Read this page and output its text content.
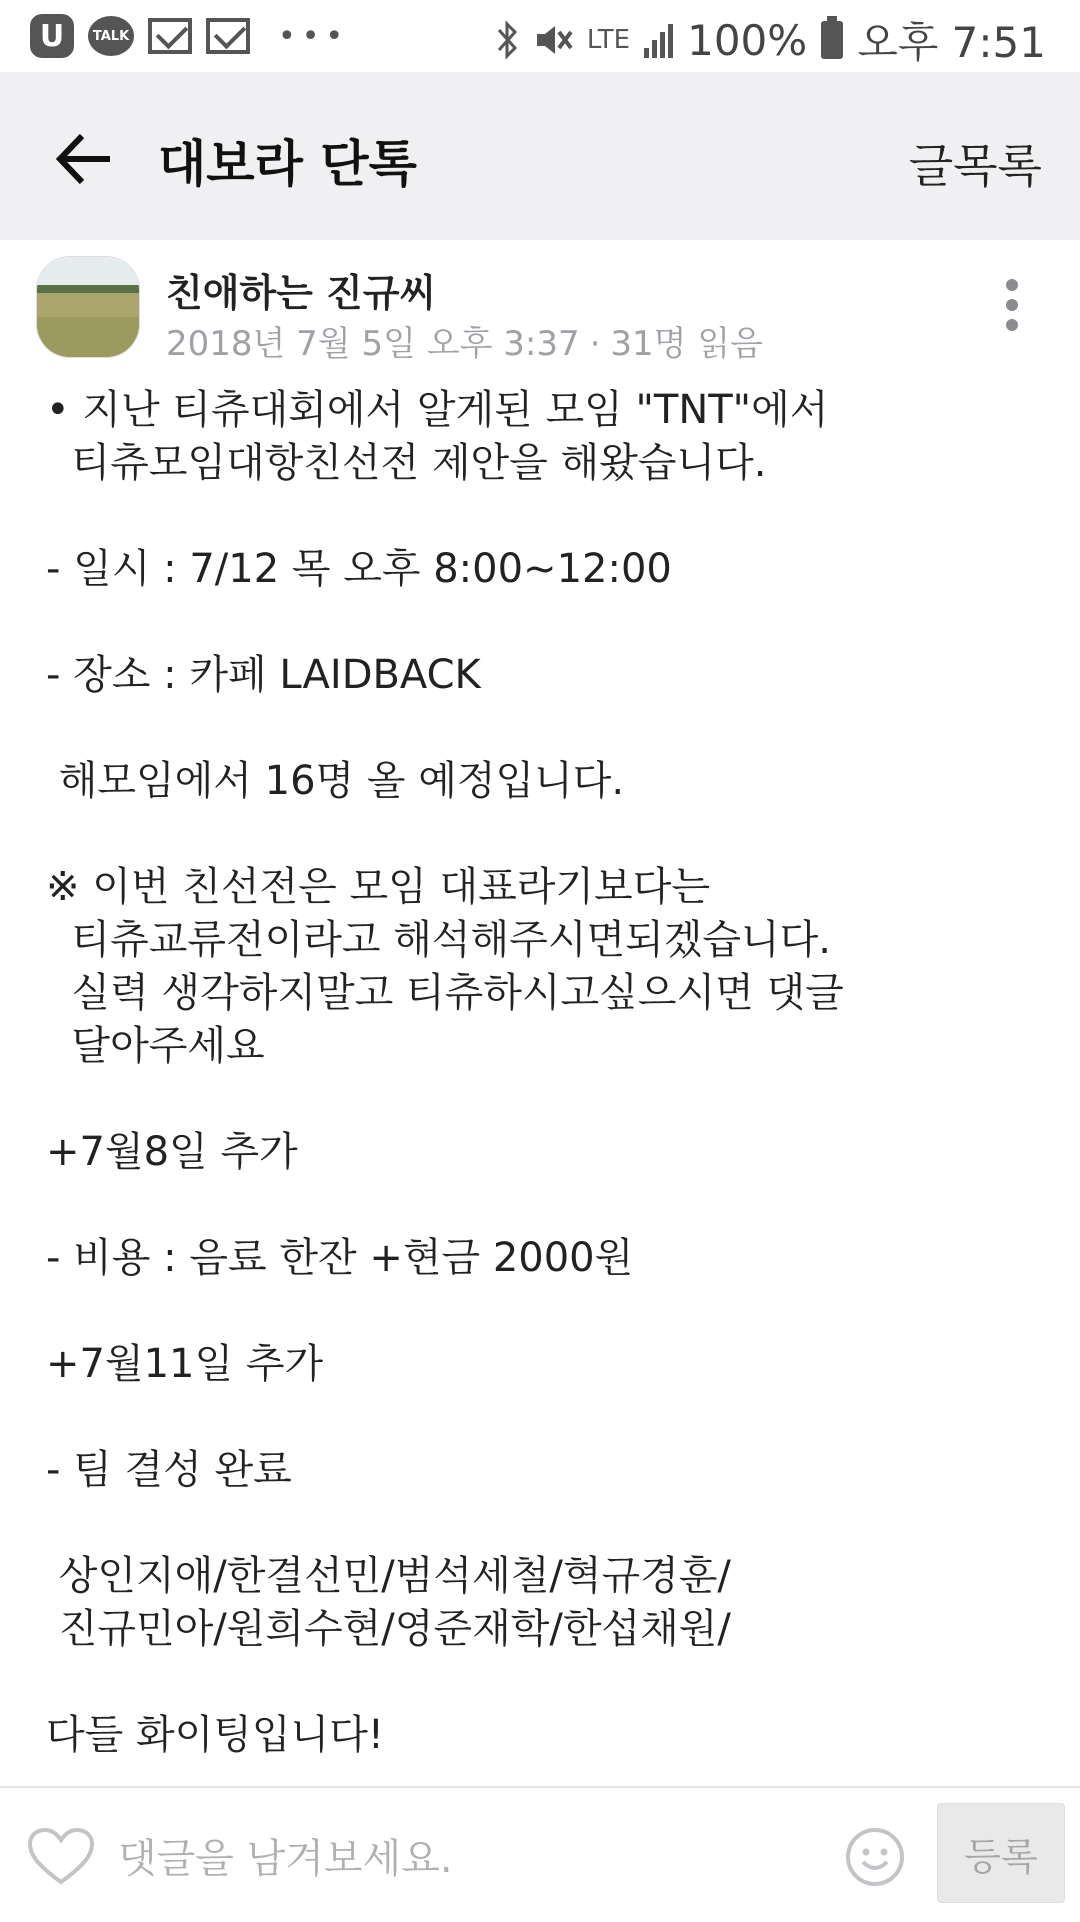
U	TALK	•••	LTE 100% 오후 7:51
대보라 단톡	글목록
친애하는 진규씨
2018년 7월 5일 오후 3:37 · 31명 읽음

• 지난 티츄대회에서 알게된 모임 "TNT"에서

티츄모임대항친선전 제안을 해왔습니다.

- 일시 : 7/12 목 오후 8:00~12:00

- 장소 : 카페 LAIDBACK

해모임에서 16명 올 예정입니다.

※ 이번 친선전은 모임 대표라기보다는

티츄교류전이라고 해석해주시면되겠습니다.

실력 생각하지말고 티츄하시고싶으시면 댓글

달아주세요

+7월8일 추가

- 비용 : 음료 한잔 +현금 2000원

+7월11일 추가

- 팀 결성 완료

상인지애/한결선민/범석세철/혁규경훈/

진규민아/원희수현/영준재학/한섭채원/

다들 화이팅입니다!

댓글을 남겨보세요.
등록
